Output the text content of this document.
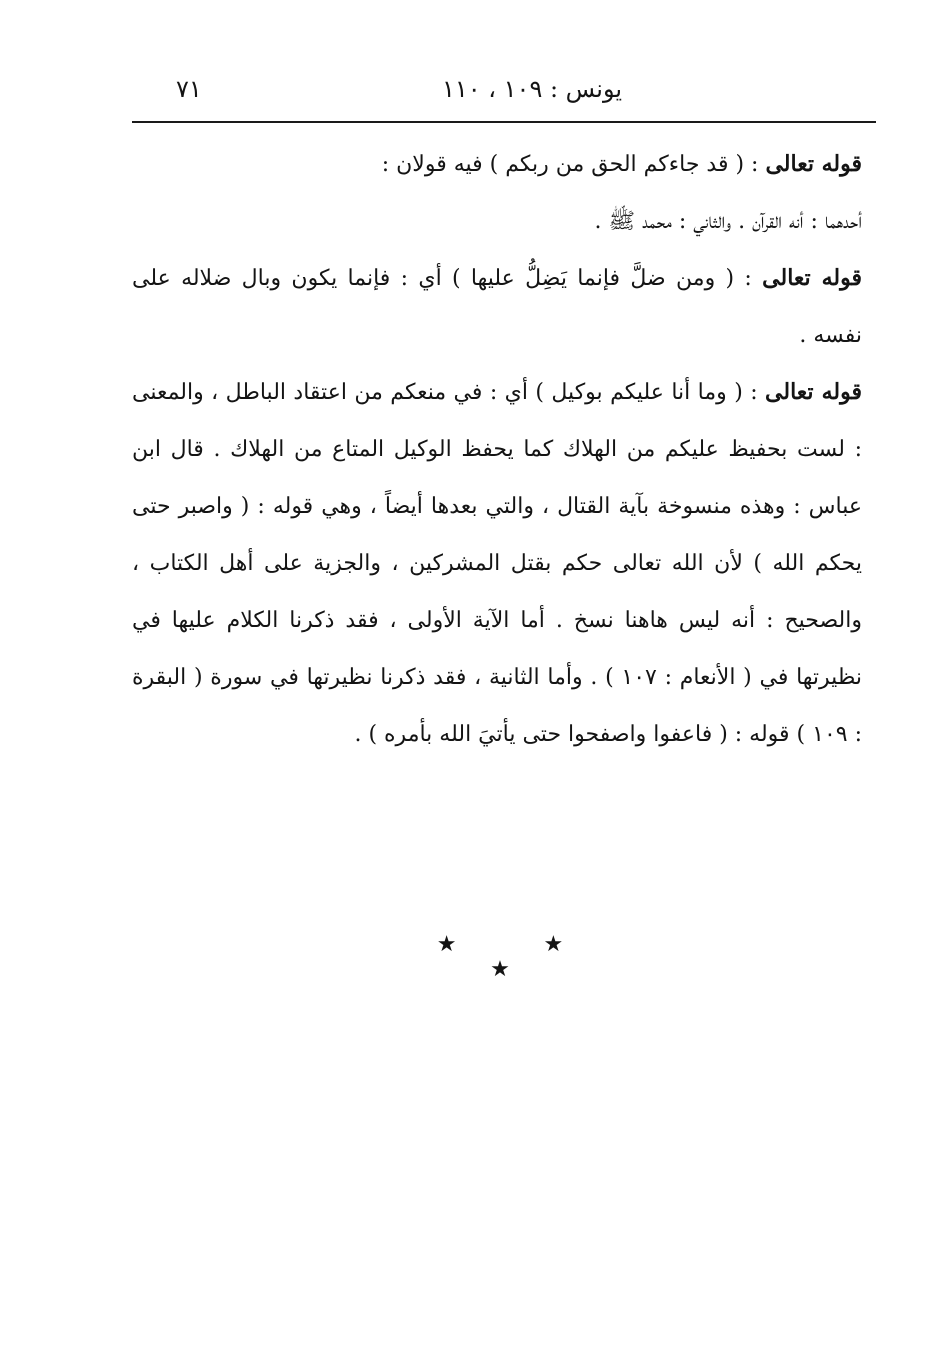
٧١	يونس : ١٠٩ ، ١١٠

قوله تعالى : ( قد جاءكم الحق من ربكم ) فيه قولان :

أحدهما : أنه القرآن . والثاني : محمد ﷺ .

قوله تعالى : ( ومن ضلَّ فإنما يَضِلُّ عليها ) أي : فإنما يكون وبال ضلاله على نفسه .

قوله تعالى : ( وما أنا عليكم بوكيل ) أي : في منعكم من اعتقاد الباطل ، والمعنى : لست بحفيظ عليكم من الهلاك كما يحفظ الوكيل المتاع من الهلاك . قال ابن عباس : وهذه منسوخة بآية القتال ، والتي بعدها أيضاً ، وهي قوله : ( واصبر حتى يحكم الله ) لأن الله تعالى حكم بقتل المشركين ، والجزية على أهل الكتاب ، والصحيح : أنه ليس هاهنا نسخ . أما الآية الأولى ، فقد ذكرنا الكلام عليها في نظيرتها في ( الأنعام : ١٠٧ ) . وأما الثانية ، فقد ذكرنا نظيرتها في سورة ( البقرة : ١٠٩ ) قوله : ( فاعفوا واصفحوا حتى يأتيَ الله بأمره ) .

★ ★ ★
